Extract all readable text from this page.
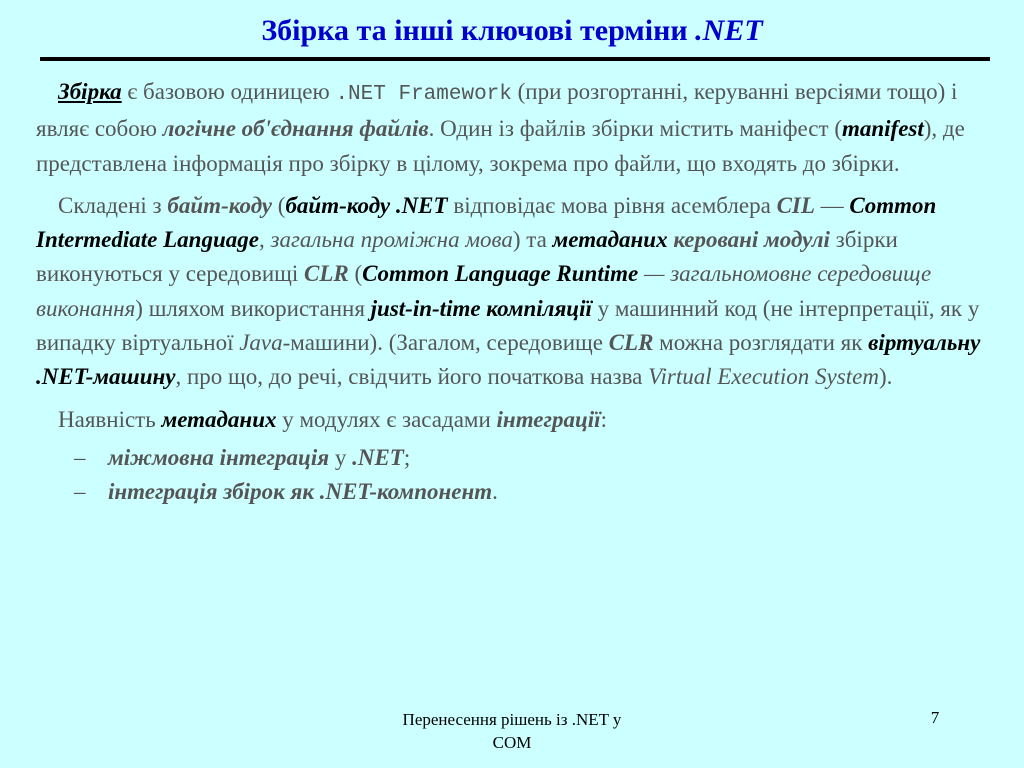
Збірка та інші ключові терміни .NET

Збірка є базовою одиницею .NET Framework (при розгортанні, керуванні версіями тощо) і являє собою логічне об'єднання файлів. Один із файлів збірки містить маніфест (manifest), де представлена інформація про збірку в цілому, зокрема про файли, що входять до збірки.

Складені з байт-коду (байт-коду .NET відповідає мова рівня асемблера CIL — Common Intermediate Language, загальна проміжна мова) та метаданих керовані модулі збірки виконуються у середовищі CLR (Common Language Runtime — загальномовне середовище виконання) шляхом використання just-in-time компіляції у машинний код (не інтерпретації, як у випадку віртуальної Java-машини). (Загалом, середовище CLR можна розглядати як віртуальну .NET-машину, про що, до речі, свідчить його початкова назва Virtual Execution System).

Наявність метаданих у модулях є засадами інтеграції:

– міжмовна інтеграція у .NET;
– інтеграція збірок як .NET-компонент.
Перенесення рішень із .NET у
COM
7
